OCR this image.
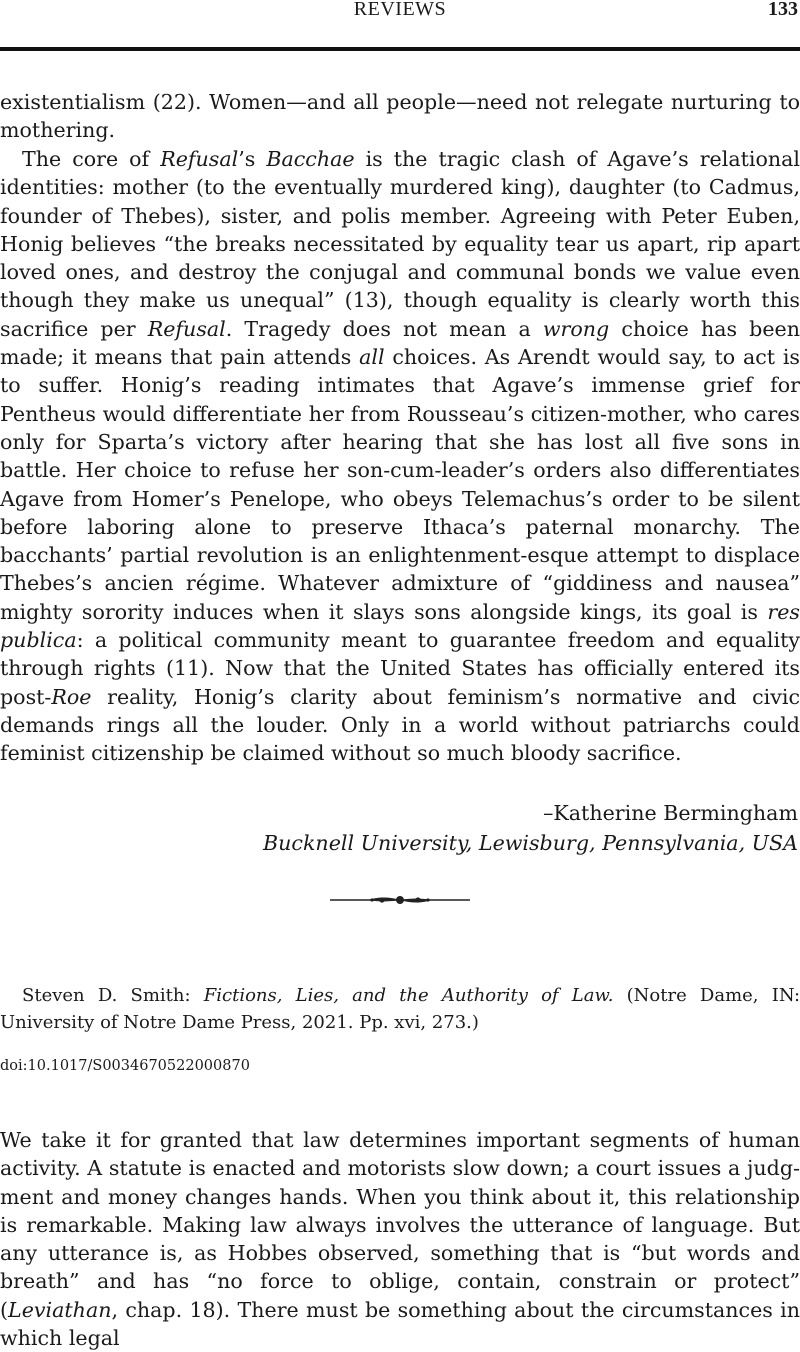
REVIEWS	133

existentialism (22). Women—and all people—need not relegate nurturing to mothering.

The core of Refusal’s Bacchae is the tragic clash of Agave’s relational identities: mother (to the eventually murdered king), daughter (to Cadmus, founder of Thebes), sister, and polis member. Agreeing with Peter Euben, Honig believes “the breaks necessitated by equality tear us apart, rip apart loved ones, and destroy the conjugal and communal bonds we value even though they make us unequal” (13), though equality is clearly worth this sacrifice per Refusal. Tragedy does not mean a wrong choice has been made; it means that pain attends all choices. As Arendt would say, to act is to suffer. Honig’s reading intimates that Agave’s immense grief for Pentheus would differentiate her from Rousseau’s citizen-mother, who cares only for Sparta’s victory after hearing that she has lost all five sons in battle. Her choice to refuse her son-cum-leader’s orders also differentiates Agave from Homer’s Penelope, who obeys Telemachus’s order to be silent before laboring alone to preserve Ithaca’s paternal monarchy. The bacchants’ partial revolution is an enlightenment-esque attempt to displace Thebes’s ancien régime. Whatever admixture of “giddiness and nausea” mighty sorority induces when it slays sons alongside kings, its goal is res publica: a political community meant to guarantee freedom and equality through rights (11). Now that the United States has officially entered its post-Roe reality, Honig’s clarity about feminism’s normative and civic demands rings all the louder. Only in a world without patriarchs could feminist citizenship be claimed without so much bloody sacrifice.

–Katherine Bermingham
Bucknell University, Lewisburg, Pennsylvania, USA
Steven D. Smith: Fictions, Lies, and the Authority of Law. (Notre Dame, IN: University of Notre Dame Press, 2021. Pp. xvi, 273.)
doi:10.1017/S0034670522000870

We take it for granted that law determines important segments of human activity. A statute is enacted and motorists slow down; a court issues a judgment and money changes hands. When you think about it, this relationship is remarkable. Making law always involves the utterance of language. But any utterance is, as Hobbes observed, something that is “but words and breath” and has “no force to oblige, contain, constrain or protect” (Leviathan, chap. 18). There must be something about the circumstances in which legal
